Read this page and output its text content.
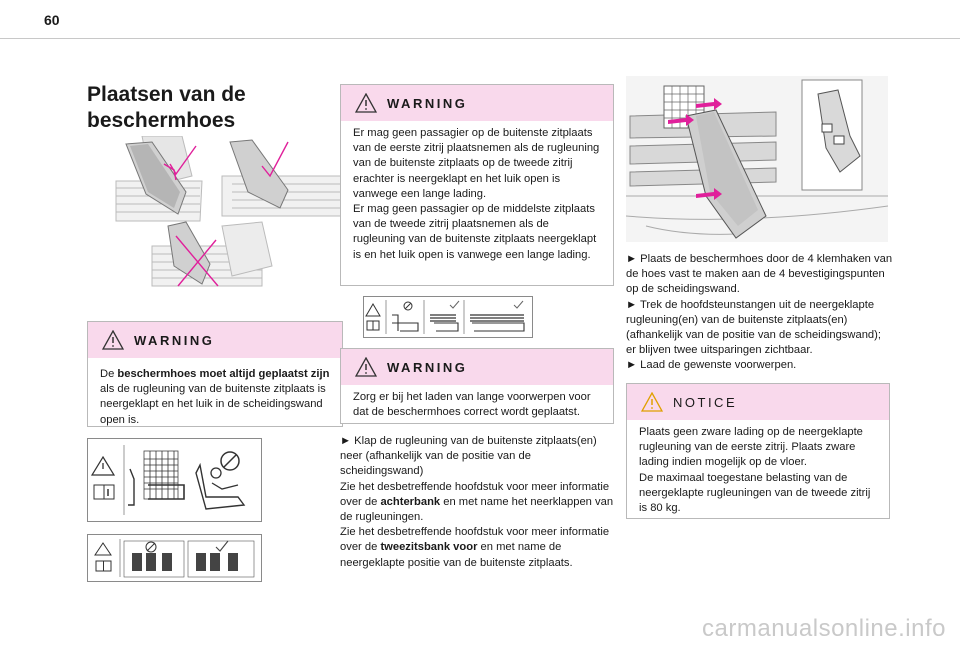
60
Plaatsen van de
beschermhoes
WARNING

De beschermhoes moet altijd geplaatst zijn als de rugleuning van de buitenste zitplaats is neergeklapt en het luik in de scheidingswand open is.

WARNING

Er mag geen passagier op de buitenste zitplaats van de eerste zitrij plaatsnemen als de rugleuning van de buitenste zitplaats op de tweede zitrij erachter is neergeklapt en het luik open is vanwege een lange lading.

Er mag geen passagier op de middelste zitplaats van de tweede zitrij plaatsnemen als de rugleuning van de buitenste zitplaats neergeklapt is en het luik open is vanwege een lange lading.

WARNING

Zorg er bij het laden van lange voorwerpen voor dat de beschermhoes correct wordt geplaatst.

► Klap de rugleuning van de buitenste zitplaats(en) neer (afhankelijk van de positie van de scheidingswand)

Zie het desbetreffende hoofdstuk voor meer informatie over de achterbank en met name het neerklappen van de rugleuningen.

Zie het desbetreffende hoofdstuk voor meer informatie over de tweezitsbank voor en met name de neergeklapte positie van de buitenste zitplaats.

► Plaats de beschermhoes door de 4 klemhaken van de hoes vast te maken aan de 4 bevestigingspunten op de scheidingswand.

► Trek de hoofdsteunstangen uit de neergeklapte rugleuning(en) van de buitenste zitplaats(en) (afhankelijk van de positie van de scheidingswand); er blijven twee uitsparingen zichtbaar.

► Laad de gewenste voorwerpen.

NOTICE

Plaats geen zware lading op de neergeklapte rugleuning van de eerste zitrij. Plaats zware lading indien mogelijk op de vloer.

De maximaal toegestane belasting van de neergeklapte rugleuningen van de tweede zitrij is 80 kg.

carmanualsonline.info
